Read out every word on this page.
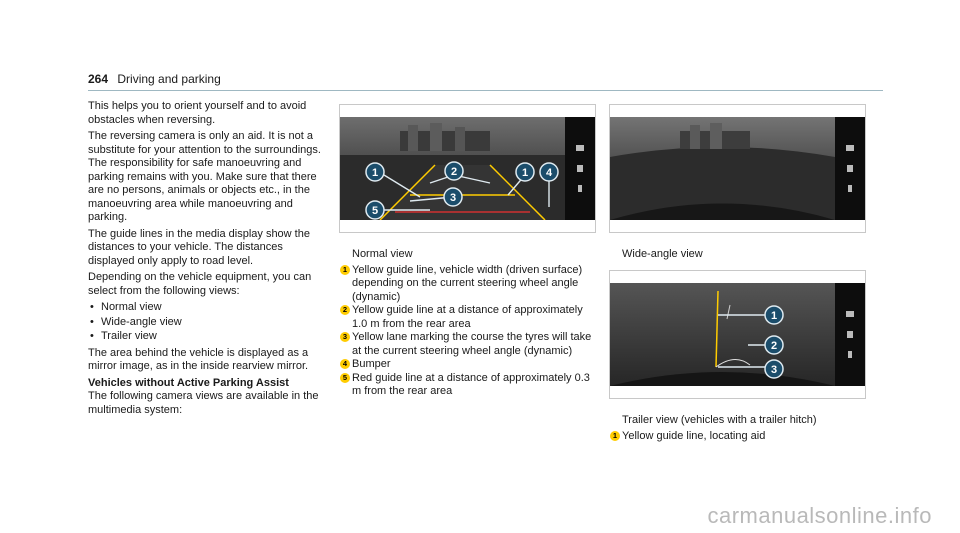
264 Driving and parking

This helps you to orient yourself and to avoid obstacles when reversing.

The reversing camera is only an aid. It is not a substitute for your attention to the surroundings. The responsibility for safe manoeuvring and parking remains with you. Make sure that there are no persons, animals or objects etc., in the manoeuvring area while manoeuvring and parking.

The guide lines in the media display show the distances to your vehicle. The distances displayed only apply to road level.

Depending on the vehicle equipment, you can select from the following views:

• Normal view
• Wide-angle view
• Trailer view

The area behind the vehicle is displayed as a mirror image, as in the inside rearview mirror.

Vehicles without Active Parking Assist

The following camera views are available in the multimedia system:

1	2	1 4
3
5
Normal view

1 Yellow guide line, vehicle width (driven surface) depending on the current steering wheel angle (dynamic)

2 Yellow guide line at a distance of approximately 1.0 m from the rear area

3 Yellow lane marking the course the tyres will take at the current steering wheel angle (dynamic)

4 Bumper

5 Red guide line at a distance of approximately 0.3 m from the rear area

Wide-angle view
1
2
3
Trailer view (vehicles with a trailer hitch)

1 Yellow guide line, locating aid

carmanualsonline.info
